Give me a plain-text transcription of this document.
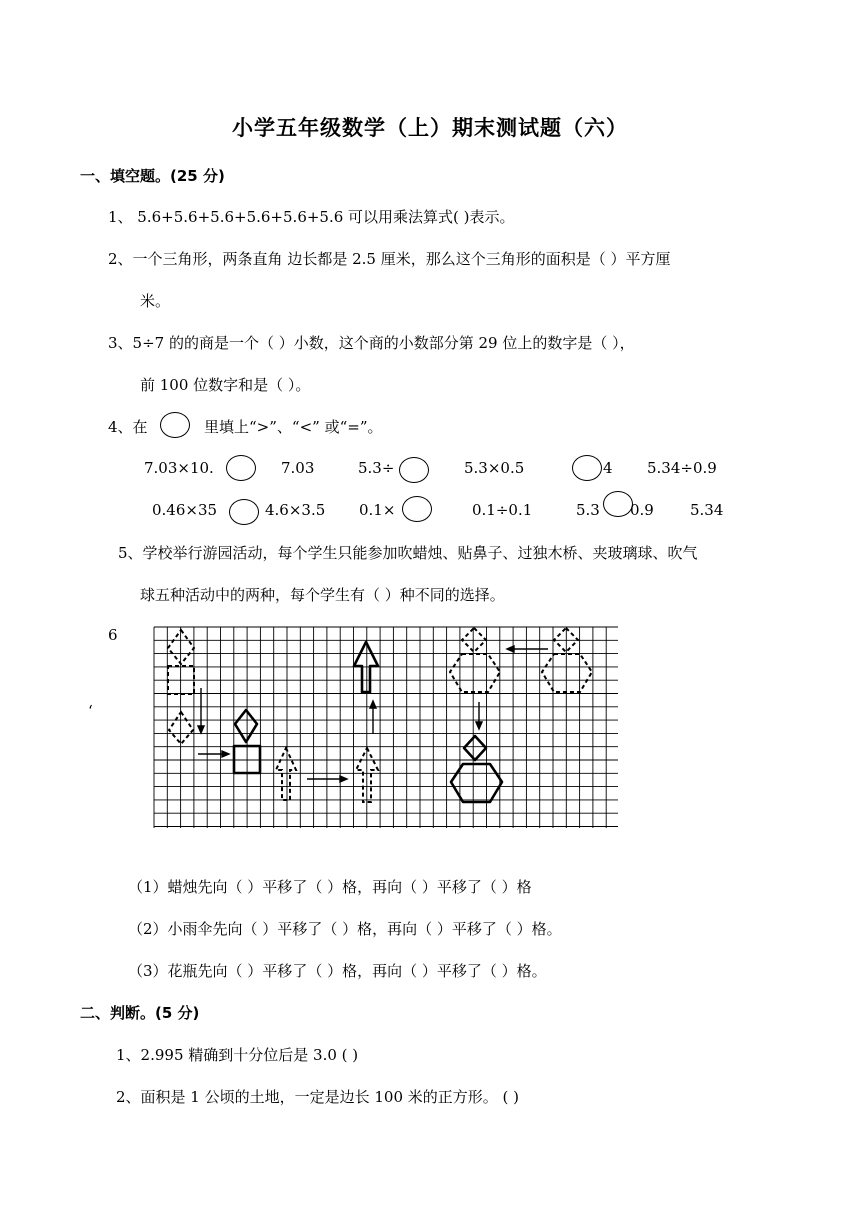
小学五年级数学（上）期末测试题（六）
一、填空题。(25 分)
1、 5.6+5.6+5.6+5.6+5.6+5.6 可以用乘法算式( )表示。
2、一个三角形，两条直角 边长都是 2.5 厘米，那么这个三角形的面积是（ ）平方厘
米。
3、5÷7 的的商是一个（ ）小数，这个商的小数部分第 29 位上的数字是（ ），
前 100 位数字和是（ ）。
4、在	里填上“>”、“<” 或“=”。
7.03×10.	7.03	5.3÷	5.3×0.5	4 5.34÷0.9
0.46×35	4.6×3.5 0.1×	0.1÷0.1	5.3 0.9 5.34
5、学校举行游园活动，每个学生只能参加吹蜡烛、贴鼻子、过独木桥、夹玻璃球、吹气
球五种活动中的两种，每个学生有（ ）种不同的选择。
6
‘
（1）蜡烛先向（ ）平移了（ ）格，再向（ ）平移了（ ）格
（2）小雨伞先向（ ）平移了（ ）格，再向（ ）平移了（ ）格。
（3）花瓶先向（ ）平移了（ ）格，再向（ ）平移了（ ）格。
二、判断。(5 分)
1、2.995 精确到十分位后是 3.0 ( )
2、面积是 1 公顷的土地，一定是边长 100 米的正方形。 ( )
